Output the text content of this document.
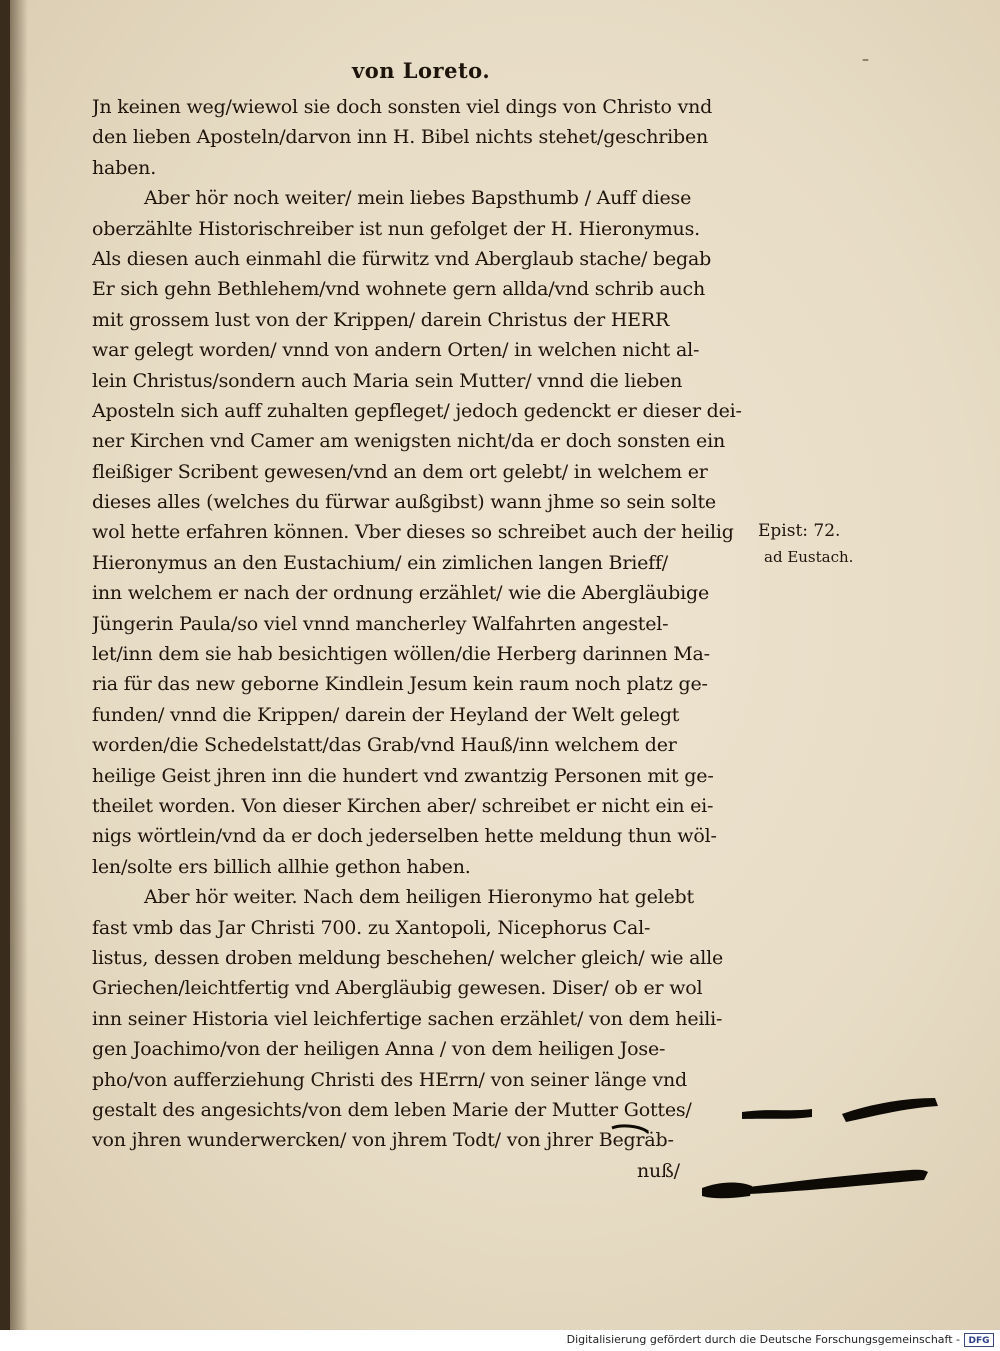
von Loreto.	–
Jn keinen weg/wiewol sie doch sonsten viel dings von Christo vnd
den lieben Aposteln/darvon inn H. Bibel nichts stehet/geschriben
haben.
Aber hör noch weiter/ mein liebes Bapsthumb / Auff diese
oberzählte Historischreiber ist nun gefolget der H. Hieronymus.
Als diesen auch einmahl die fürwitz vnd Aberglaub stache/ begab
Er sich gehn Bethlehem/vnd wohnete gern allda/vnd schrib auch
mit grossem lust von der Krippen/ darein Christus der HERR
war gelegt worden/ vnnd von andern Orten/ in welchen nicht al-
lein Christus/sondern auch Maria sein Mutter/ vnnd die lieben
Aposteln sich auff zuhalten gepfleget/ jedoch gedenckt er dieser dei-
ner Kirchen vnd Camer am wenigsten nicht/da er doch sonsten ein
fleißiger Scribent gewesen/vnd an dem ort gelebt/ in welchem er
dieses alles (welches du fürwar außgibst) wann jhme so sein solte
wol hette erfahren können. Vber dieses so schreibet auch der heilig
Hieronymus an den Eustachium/ ein zimlichen langen Brieff/
inn welchem er nach der ordnung erzählet/ wie die Abergläubige
Jüngerin Paula/so viel vnnd mancherley Walfahrten angestel-
let/inn dem sie hab besichtigen wöllen/die Herberg darinnen Ma-
ria für das new geborne Kindlein Jesum kein raum noch platz ge-
funden/ vnnd die Krippen/ darein der Heyland der Welt gelegt
worden/die Schedelstatt/das Grab/vnd Hauß/inn welchem der
heilige Geist jhren inn die hundert vnd zwantzig Personen mit ge-
theilet worden. Von dieser Kirchen aber/ schreibet er nicht ein ei-
nigs wörtlein/vnd da er doch jederselben hette meldung thun wöl-
len/solte ers billich allhie gethon haben.
Aber hör weiter. Nach dem heiligen Hieronymo hat gelebt
fast vmb das Jar Christi 700. zu Xantopoli, Nicephorus Cal-
listus, dessen droben meldung beschehen/ welcher gleich/ wie alle
Griechen/leichtfertig vnd Abergläubig gewesen. Diser/ ob er wol
inn seiner Historia viel leichfertige sachen erzählet/ von dem heili-
gen Joachimo/von der heiligen Anna / von dem heiligen Jose-
pho/von aufferziehung Christi des HErrn/ von seiner länge vnd
gestalt des angesichts/von dem leben Marie der Mutter Gottes/
von jhren wunderwercken/ von jhrem Todt/ von jhrer Begräb-
nuß/
Epist: 72.
ad Eustach.
Digitalisierung gefördert durch die Deutsche Forschungsgemeinschaft - DFG
